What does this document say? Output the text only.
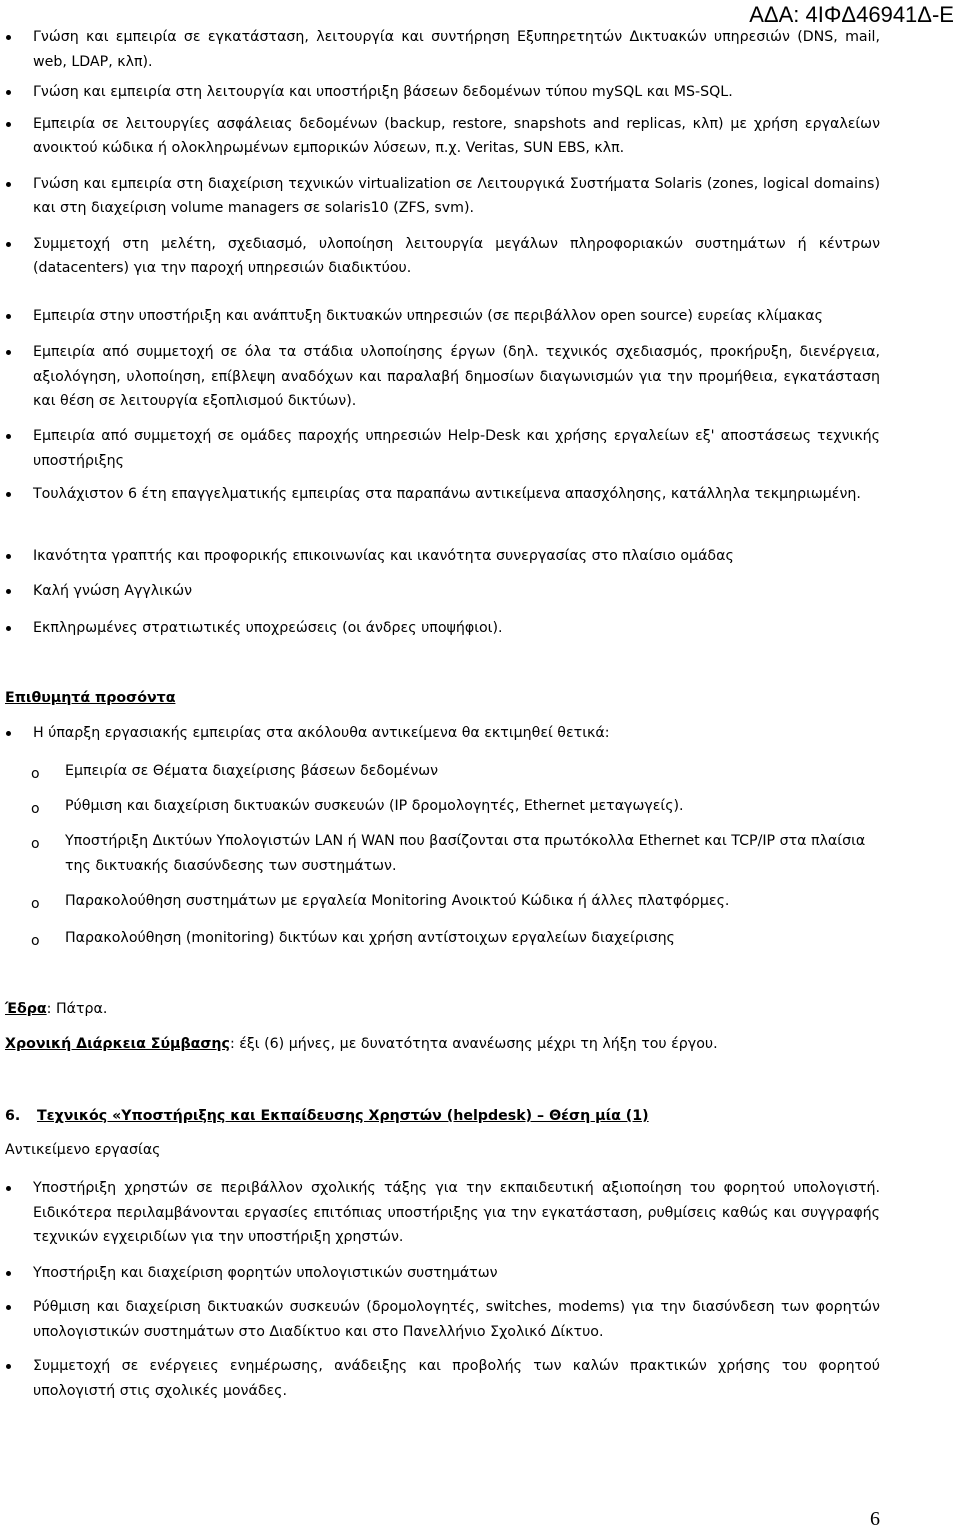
ΑΔΑ: 4ΙΦΔ46941Δ-Ε
Γνώση και εμπειρία σε εγκατάσταση, λειτουργία και συντήρηση Εξυπηρετητών Δικτυακών υπηρεσιών (DNS, mail, web, LDAP, κλπ).
Γνώση και εμπειρία στη λειτουργία και υποστήριξη βάσεων δεδομένων τύπου mySQL και MS-SQL.
Εμπειρία σε λειτουργίες ασφάλειας δεδομένων (backup, restore, snapshots and replicas, κλπ) με χρήση εργαλείων ανοικτού κώδικα ή ολοκληρωμένων εμπορικών λύσεων, π.χ. Veritas, SUN EBS, κλπ.
Γνώση και εμπειρία στη διαχείριση τεχνικών virtualization σε Λειτουργικά Συστήματα Solaris (zones, logical domains) και στη διαχείριση volume managers σε solaris10 (ZFS, svm).
Συμμετοχή στη μελέτη, σχεδιασμό, υλοποίηση λειτουργία μεγάλων πληροφοριακών συστημάτων ή κέντρων (datacenters) για την παροχή υπηρεσιών διαδικτύου.
Εμπειρία στην υποστήριξη και ανάπτυξη δικτυακών υπηρεσιών (σε περιβάλλον open source) ευρείας κλίμακας
Εμπειρία από συμμετοχή σε όλα τα στάδια υλοποίησης έργων (δηλ. τεχνικός σχεδιασμός, προκήρυξη, διενέργεια, αξιολόγηση, υλοποίηση, επίβλεψη αναδόχων και παραλαβή δημοσίων διαγωνισμών για την προμήθεια, εγκατάσταση και θέση σε λειτουργία εξοπλισμού δικτύων).
Εμπειρία από συμμετοχή σε ομάδες παροχής υπηρεσιών Help-Desk και χρήσης εργαλείων εξ' αποστάσεως τεχνικής υποστήριξης
Τουλάχιστον 6 έτη επαγγελματικής εμπειρίας στα παραπάνω αντικείμενα απασχόλησης, κατάλληλα τεκμηριωμένη.
Ικανότητα γραπτής και προφορικής επικοινωνίας και ικανότητα συνεργασίας στο πλαίσιο ομάδας
Καλή γνώση Αγγλικών
Εκπληρωμένες στρατιωτικές υποχρεώσεις (οι άνδρες υποψήφιοι).
Επιθυμητά προσόντα
Η ύπαρξη εργασιακής εμπειρίας στα ακόλουθα αντικείμενα θα εκτιμηθεί θετικά:
o Εμπειρία σε Θέματα διαχείρισης βάσεων δεδομένων
o Ρύθμιση και διαχείριση δικτυακών συσκευών (IP δρομολογητές, Ethernet μεταγωγείς).
o Υποστήριξη Δικτύων Υπολογιστών LAN ή WAN που βασίζονται στα πρωτόκολλα Ethernet και TCP/IP στα πλαίσια της δικτυακής διασύνδεσης των συστημάτων.
o Παρακολούθηση συστημάτων με εργαλεία Monitoring Ανοικτού Κώδικα ή άλλες πλατφόρμες.
o Παρακολούθηση (monitoring) δικτύων και χρήση αντίστοιχων εργαλείων διαχείρισης
Έδρα: Πάτρα.
Χρονική Διάρκεια Σύμβασης: έξι (6) μήνες, με δυνατότητα ανανέωσης μέχρι τη λήξη του έργου.
6. Τεχνικός «Υποστήριξης και Εκπαίδευσης Χρηστών (helpdesk) – Θέση μία (1)
Αντικείμενο εργασίας
Υποστήριξη χρηστών σε περιβάλλον σχολικής τάξης για την εκπαιδευτική αξιοποίηση του φορητού υπολογιστή. Ειδικότερα περιλαμβάνονται εργασίες επιτόπιας υποστήριξης για την εγκατάσταση, ρυθμίσεις καθώς και συγγραφής τεχνικών εγχειριδίων για την υποστήριξη χρηστών.
Υποστήριξη και διαχείριση φορητών υπολογιστικών συστημάτων
Ρύθμιση και διαχείριση δικτυακών συσκευών (δρομολογητές, switches, modems) για την διασύνδεση των φορητών υπολογιστικών συστημάτων στο Διαδίκτυο και στο Πανελλήνιο Σχολικό Δίκτυο.
Συμμετοχή σε ενέργειες ενημέρωσης, ανάδειξης και προβολής των καλών πρακτικών χρήσης του φορητού υπολογιστή στις σχολικές μονάδες.
6
